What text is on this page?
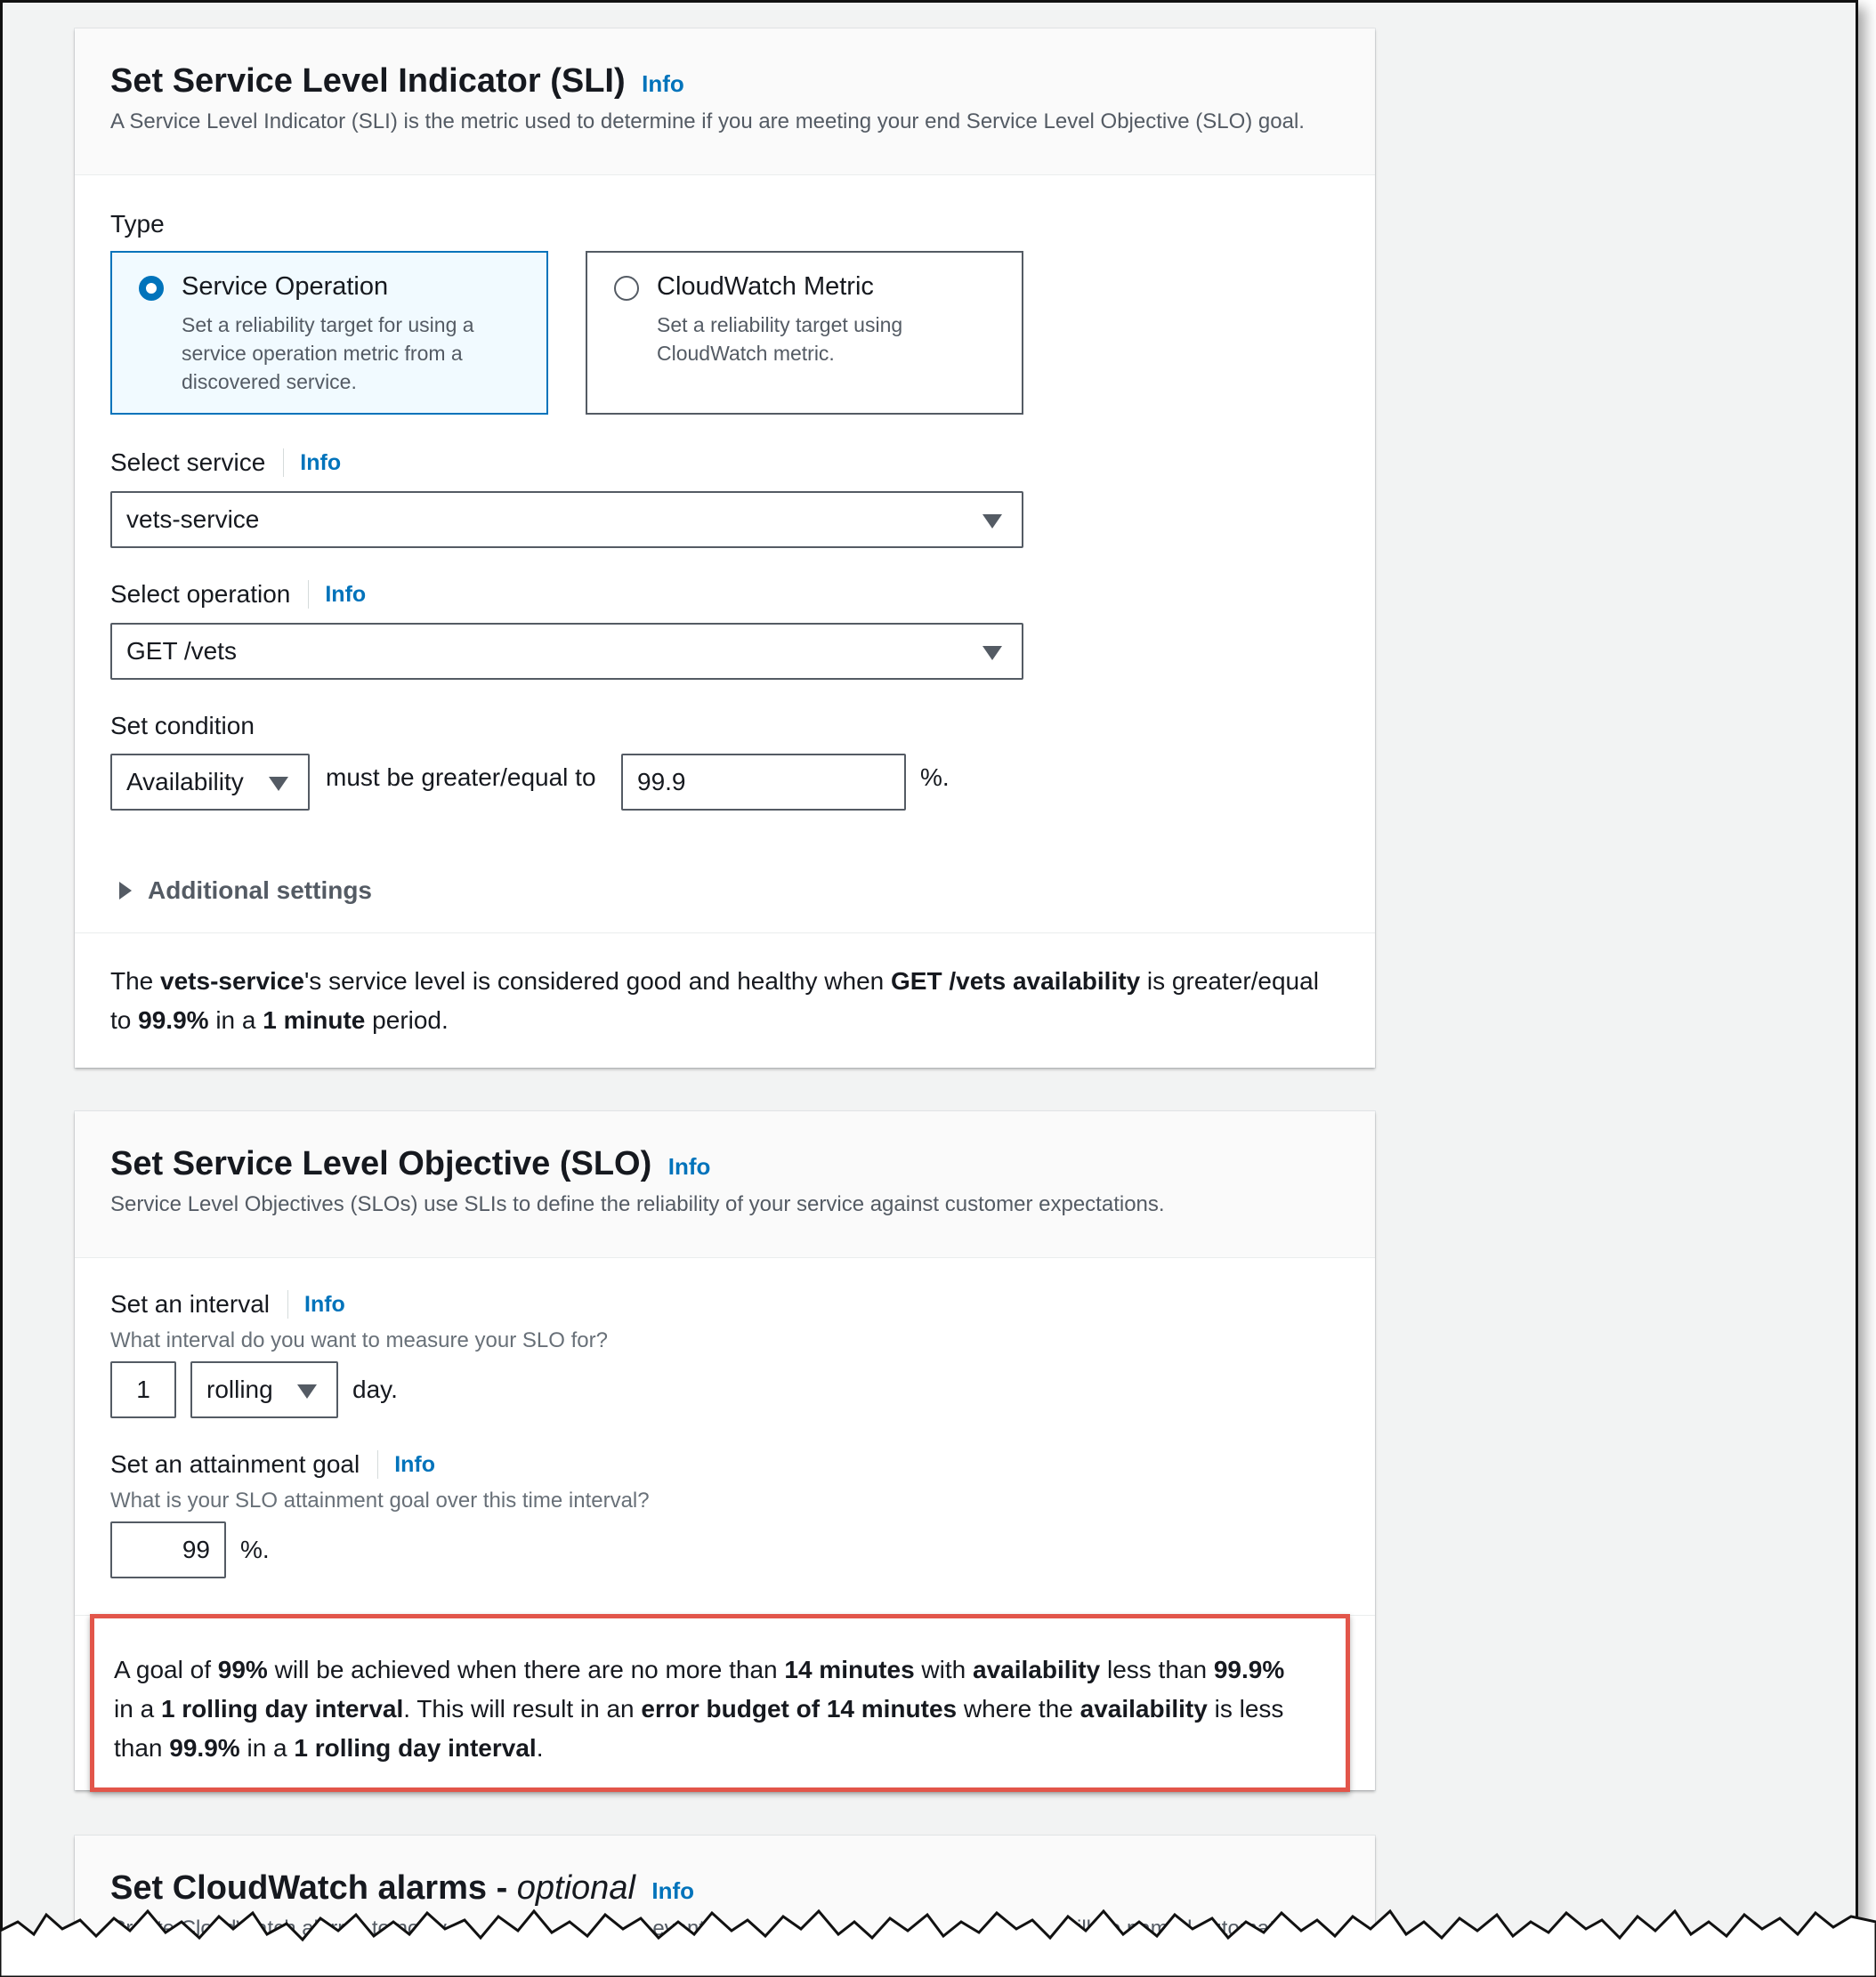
Set Service Level Indicator (SLI) Info
A Service Level Indicator (SLI) is the metric used to determine if you are meeting your end Service Level Objective (SLO) goal.
Type
Service Operation
Set a reliability target for using a
service operation metric from a
discovered service.
CloudWatch Metric
Set a reliability target using
CloudWatch metric.
Select service Info
vets-service
Select operation Info
GET /vets
Set condition
Availability	must be greater/equal to	99.9	%.
Additional settings
The vets-service's service level is considered good and healthy when GET /vets availability is greater/equal
to 99.9% in a 1 minute period.
Set Service Level Objective (SLO) Info
Service Level Objectives (SLOs) use SLIs to define the reliability of your service against customer expectations.
Set an interval Info
What interval do you want to measure your SLO for?
1	rolling	day.
Set an attainment goal Info
What is your SLO attainment goal over this time interval?
99	%.
A goal of 99% will be achieved when there are no more than 14 minutes with availability less than 99.9%
in a 1 rolling day interval. This will result in an error budget of 14 minutes where the availability is less
than 99.9% in a 1 rolling day interval.
Set CloudWatch alarms - optional Info
